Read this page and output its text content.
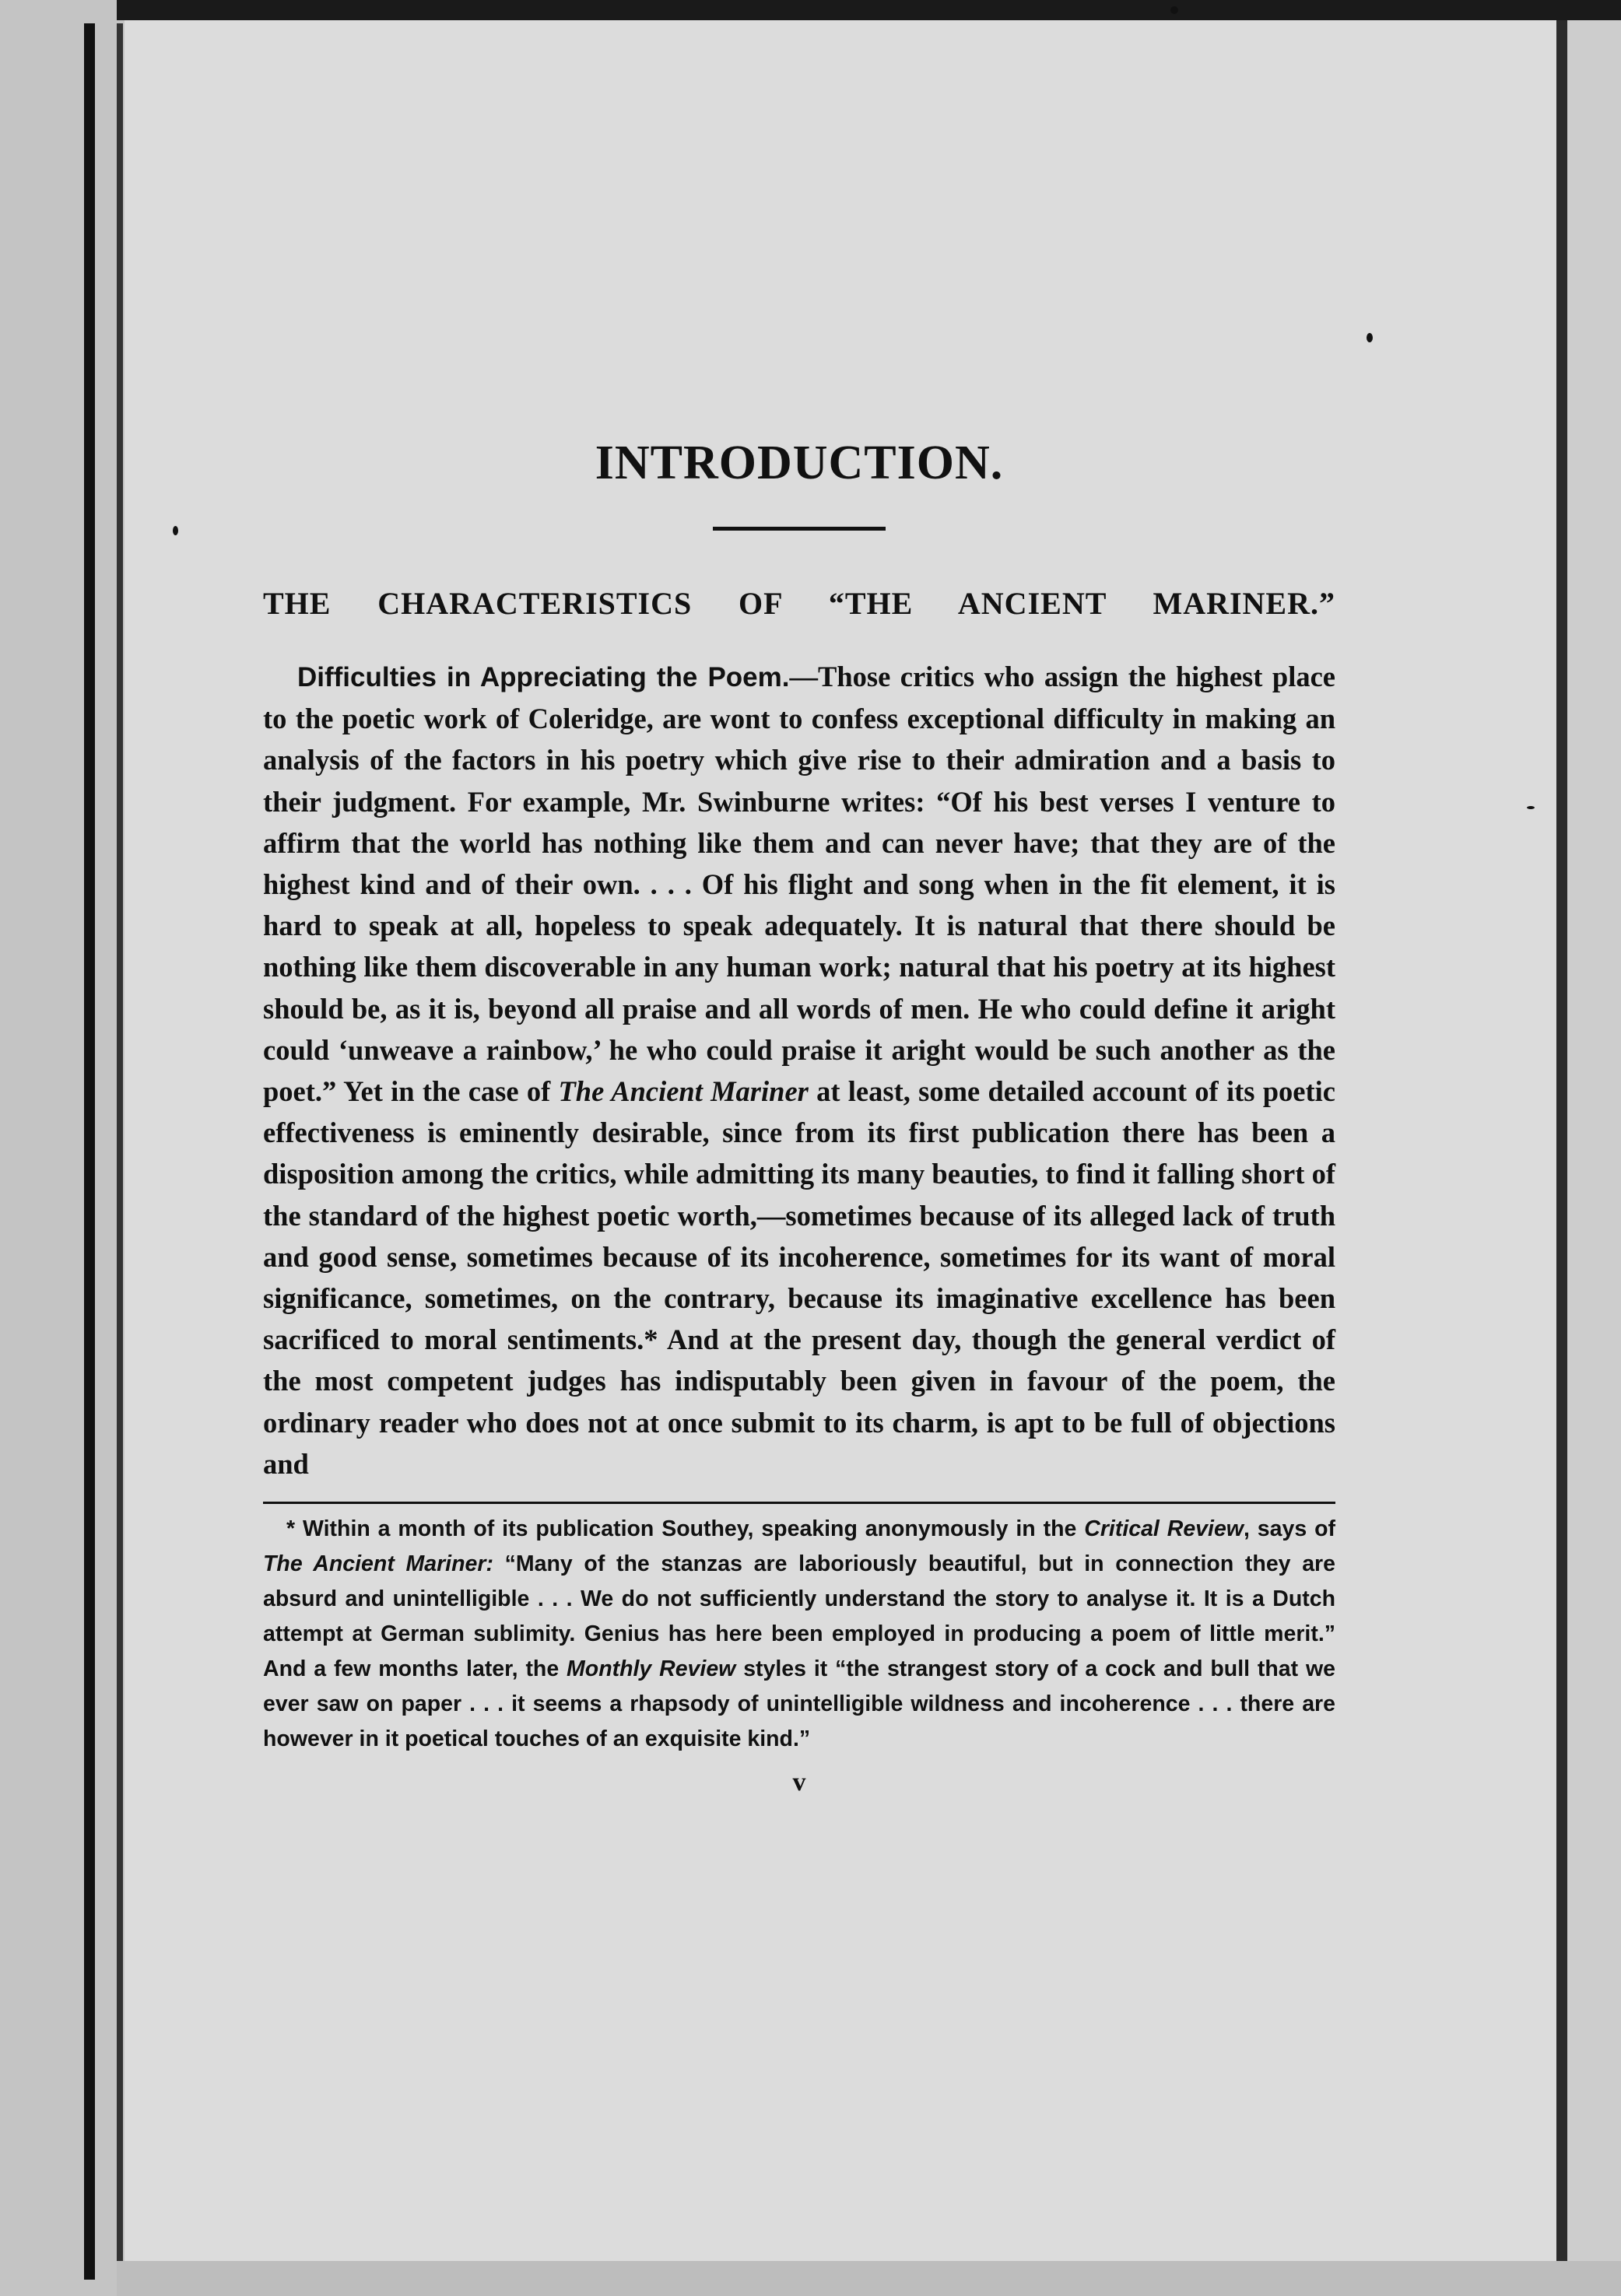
INTRODUCTION.
THE CHARACTERISTICS OF “THE ANCIENT MARINER.”
Difficulties in Appreciating the Poem.—Those critics who assign the highest place to the poetic work of Coleridge, are wont to confess exceptional difficulty in making an analysis of the factors in his poetry which give rise to their admiration and a basis to their judgment. For example, Mr. Swinburne writes: “Of his best verses I venture to affirm that the world has nothing like them and can never have; that they are of the highest kind and of their own. . . . Of his flight and song when in the fit element, it is hard to speak at all, hopeless to speak adequately. It is natural that there should be nothing like them discoverable in any human work; natural that his poetry at its highest should be, as it is, beyond all praise and all words of men. He who could define it aright could ‘unweave a rainbow,’ he who could praise it aright would be such another as the poet.” Yet in the case of The Ancient Mariner at least, some detailed account of its poetic effectiveness is eminently desirable, since from its first publication there has been a disposition among the critics, while admitting its many beauties, to find it falling short of the standard of the highest poetic worth,—sometimes because of its alleged lack of truth and good sense, sometimes because of its incoherence, sometimes for its want of moral significance, sometimes, on the contrary, because its imaginative excellence has been sacrificed to moral sentiments.* And at the present day, though the general verdict of the most competent judges has indisputably been given in favour of the poem, the ordinary reader who does not at once submit to its charm, is apt to be full of objections and
* Within a month of its publication Southey, speaking anonymously in the Critical Review, says of The Ancient Mariner: “Many of the stanzas are laboriously beautiful, but in connection they are absurd and unintelligible . . . We do not sufficiently understand the story to analyse it. It is a Dutch attempt at German sublimity. Genius has here been employed in producing a poem of little merit.” And a few months later, the Monthly Review styles it “the strangest story of a cock and bull that we ever saw on paper . . . it seems a rhapsody of unintelligible wildness and incoherence . . . there are however in it poetical touches of an exquisite kind.”
v
